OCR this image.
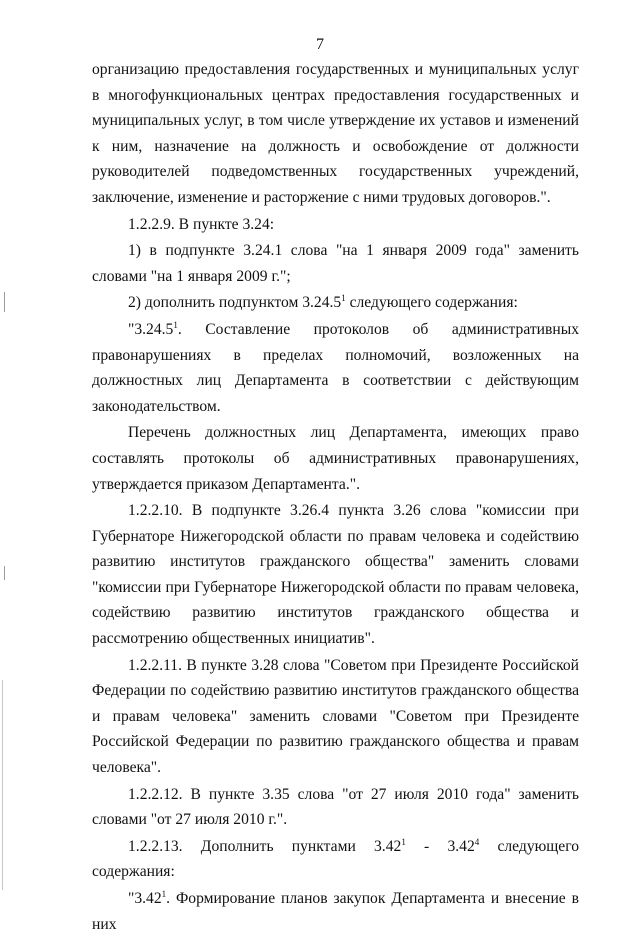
7

организацию предоставления государственных и муниципальных услуг в многофункциональных центрах предоставления государственных и муниципальных услуг, в том числе утверждение их уставов и изменений к ним, назначение на должность и освобождение от должности руководителей подведомственных государственных учреждений, заключение, изменение и расторжение с ними трудовых договоров.".

1.2.2.9. В пункте 3.24:

1) в подпункте 3.24.1 слова "на 1 января 2009 года" заменить словами "на 1 января 2009 г.";

2) дополнить подпунктом 3.24.5$^1$ следующего содержания:

"3.24.5$^1$. Составление протоколов об административных правонарушениях в пределах полномочий, возложенных на должностных лиц Департамента в соответствии с действующим законодательством.

Перечень должностных лиц Департамента, имеющих право составлять протоколы об административных правонарушениях, утверждается приказом Департамента.".

1.2.2.10. В подпункте 3.26.4 пункта 3.26 слова "комиссии при Губернаторе Нижегородской области по правам человека и содействию развитию институтов гражданского общества" заменить словами "комиссии при Губернаторе Нижегородской области по правам человека, содействию развитию институтов гражданского общества и рассмотрению общественных инициатив".

1.2.2.11. В пункте 3.28 слова "Советом при Президенте Российской Федерации по содействию развитию институтов гражданского общества и правам человека" заменить словами "Советом при Президенте Российской Федерации по развитию гражданского общества и правам человека".

1.2.2.12. В пункте 3.35 слова "от 27 июля 2010 года" заменить словами "от 27 июля 2010 г.".

1.2.2.13. Дополнить пунктами 3.42$^1$ - 3.42$^4$ следующего содержания:

"3.42$^1$. Формирование планов закупок Департамента и внесение в них
